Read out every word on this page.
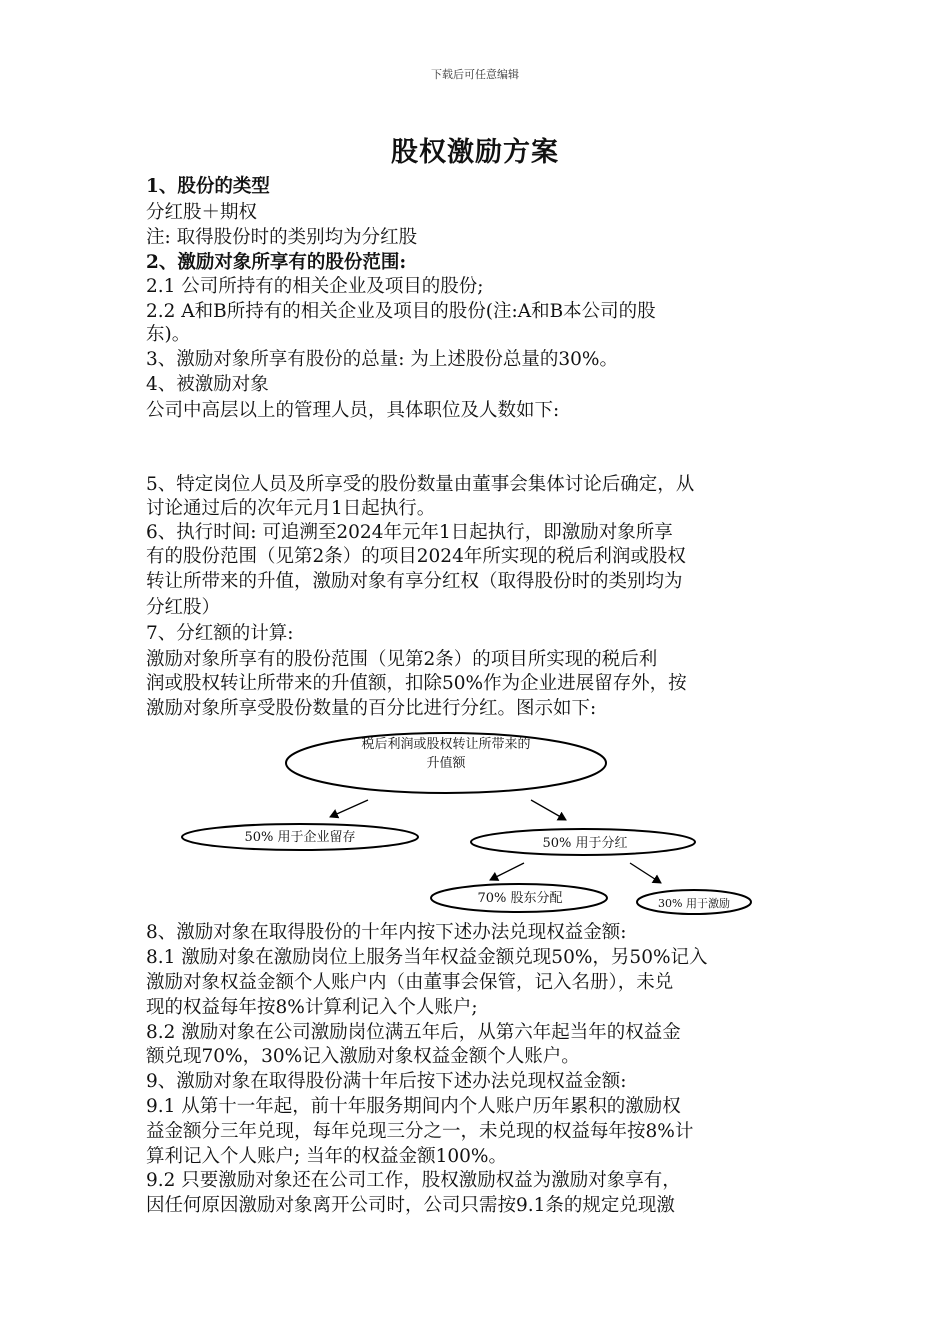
下载后可任意编辑
股权激励方案
1、股份的类型
分红股＋期权
注: 取得股份时的类别均为分红股
2、激励对象所享有的股份范围:
2.1 公司所持有的相关企业及项目的股份;
2.2 A和B所持有的相关企业及项目的股份(注:A和B本公司的股
东)。
3、激励对象所享有股份的总量: 为上述股份总量的30%。
4、被激励对象
公司中高层以上的管理人员，具体职位及人数如下:
5、特定岗位人员及所享受的股份数量由董事会集体讨论后确定，从
讨论通过后的次年元月1日起执行。
6、执行时间: 可追溯至2024年元年1日起执行，即激励对象所享
有的股份范围（见第2条）的项目2024年所实现的税后利润或股权
转让所带来的升值，激励对象有享分红权（取得股份时的类别均为
分红股）
7、分红额的计算:
激励对象所享有的股份范围（见第2条）的项目所实现的税后利
润或股权转让所带来的升值额，扣除50%作为企业进展留存外，按
激励对象所享受股份数量的百分比进行分红。图示如下:
税后利润或股权转让所带来的
升值额
50% 用于企业留存	50% 用于分红
70% 股东分配	30% 用于激励
8、激励对象在取得股份的十年内按下述办法兑现权益金额:
8.1 激励对象在激励岗位上服务当年权益金额兑现50%，另50%记入
激励对象权益金额个人账户内（由董事会保管，记入名册），未兑
现的权益每年按8%计算利记入个人账户;
8.2 激励对象在公司激励岗位满五年后，从第六年起当年的权益金
额兑现70%，30%记入激励对象权益金额个人账户。
9、激励对象在取得股份满十年后按下述办法兑现权益金额:
9.1 从第十一年起，前十年服务期间内个人账户历年累积的激励权
益金额分三年兑现，每年兑现三分之一，未兑现的权益每年按8%计
算利记入个人账户; 当年的权益金额100%。
9.2 只要激励对象还在公司工作，股权激励权益为激励对象享有，
因任何原因激励对象离开公司时，公司只需按9.1条的规定兑现激
